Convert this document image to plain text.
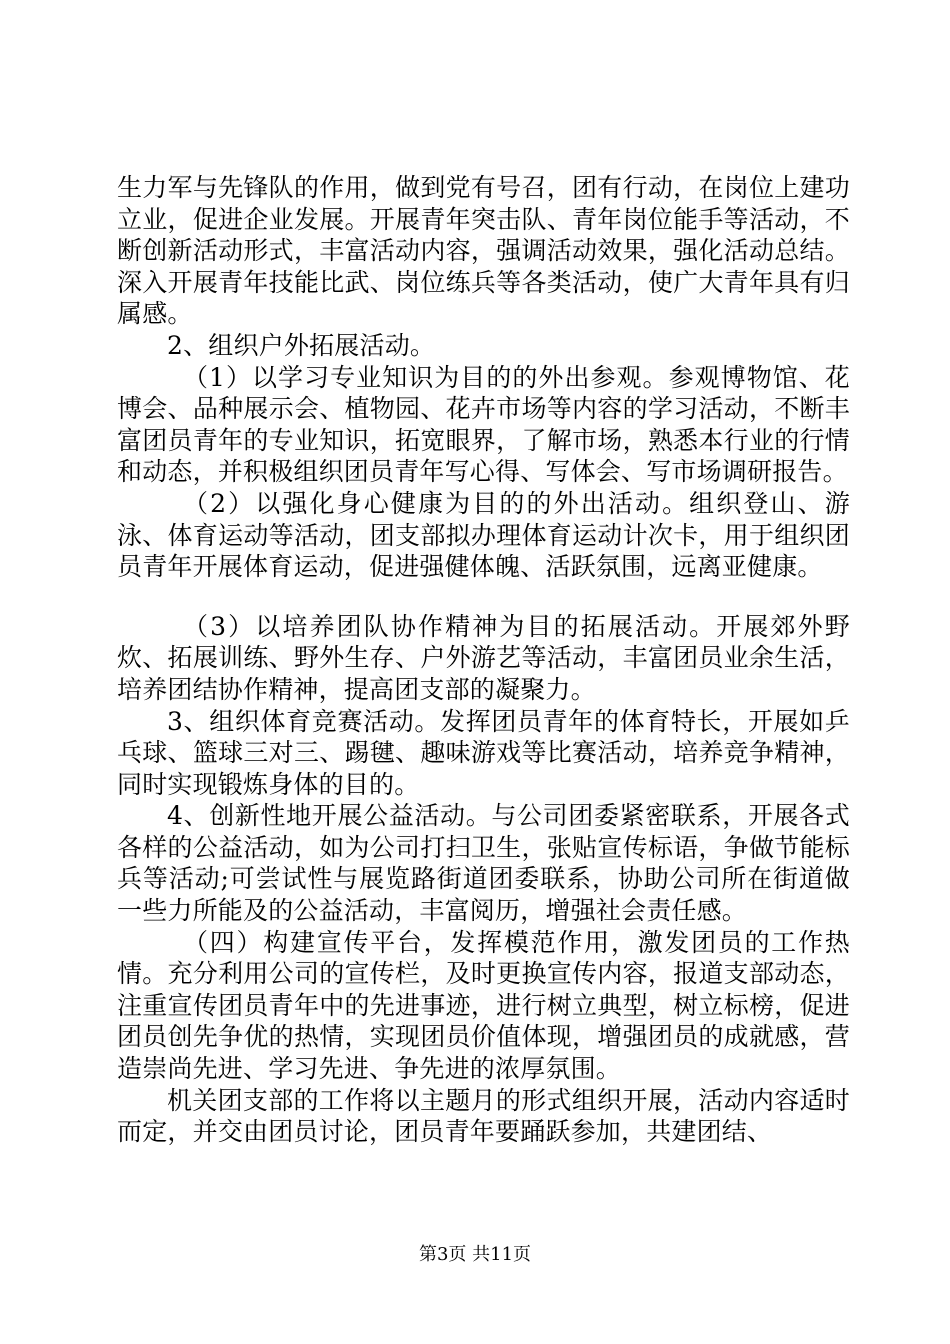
生力军与先锋队的作用，做到党有号召，团有行动，在岗位上建功立业，促进企业发展。开展青年突击队、青年岗位能手等活动，不断创新活动形式，丰富活动内容，强调活动效果，强化活动总结。深入开展青年技能比武、岗位练兵等各类活动，使广大青年具有归属感。

2、组织户外拓展活动。

（1）以学习专业知识为目的的外出参观。参观博物馆、花博会、品种展示会、植物园、花卉市场等内容的学习活动，不断丰富团员青年的专业知识，拓宽眼界，了解市场，熟悉本行业的行情和动态，并积极组织团员青年写心得、写体会、写市场调研报告。

（2）以强化身心健康为目的的外出活动。组织登山、游泳、体育运动等活动，团支部拟办理体育运动计次卡，用于组织团员青年开展体育运动，促进强健体魄、活跃氛围，远离亚健康。

（3）以培养团队协作精神为目的拓展活动。开展郊外野炊、拓展训练、野外生存、户外游艺等活动，丰富团员业余生活，培养团结协作精神，提高团支部的凝聚力。

3、组织体育竞赛活动。发挥团员青年的体育特长，开展如乒乓球、篮球三对三、踢毽、趣味游戏等比赛活动，培养竞争精神，同时实现锻炼身体的目的。

4、创新性地开展公益活动。与公司团委紧密联系，开展各式各样的公益活动，如为公司打扫卫生，张贴宣传标语，争做节能标兵等活动;可尝试性与展览路街道团委联系，协助公司所在街道做一些力所能及的公益活动，丰富阅历，增强社会责任感。

（四）构建宣传平台，发挥模范作用，激发团员的工作热情。充分利用公司的宣传栏，及时更换宣传内容，报道支部动态，注重宣传团员青年中的先进事迹，进行树立典型，树立标榜，促进团员创先争优的热情，实现团员价值体现，增强团员的成就感，营造崇尚先进、学习先进、争先进的浓厚氛围。

机关团支部的工作将以主题月的形式组织开展，活动内容适时而定，并交由团员讨论，团员青年要踊跃参加，共建团结、

第3页 共11页
